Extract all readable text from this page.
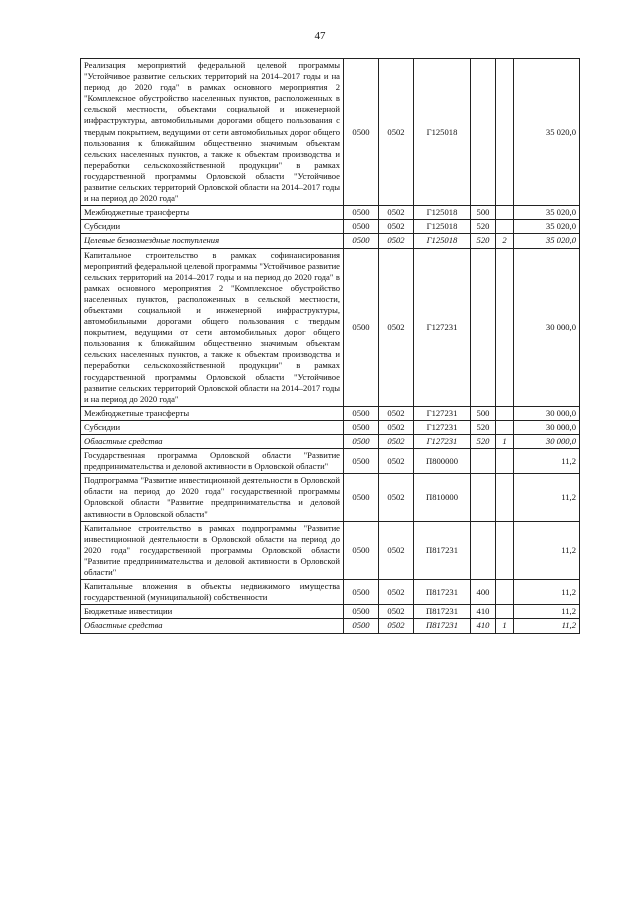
47
Реализация мероприятий федеральной целевой программы "Устойчивое развитие сельских территорий на 2014–2017 годы и на период до 2020 года" в рамках основного мероприятия 2 "Комплексное обустройство населенных пунктов, расположенных в сельской местности, объектами социальной и инженерной инфраструктуры, автомобильными дорогами общего пользования с твердым покрытием, ведущими от сети автомобильных дорог общего пользования к ближайшим общественно значимым объектам сельских населенных пунктов, а также к объектам производства и переработки сельскохозяйственной продукции" в рамках государственной программы Орловской области "Устойчивое развитие сельских территорий Орловской области на 2014–2017 годы и на период до 2020 года"	0500	0502	Г125018			35 020,0
Межбюджетные трансферты	0500	0502	Г125018	500		35 020,0
Субсидии	0500	0502	Г125018	520		35 020,0
Целевые безвозмездные поступления	0500	0502	Г125018	520	2	35 020,0
Капитальное строительство в рамках софинансирования мероприятий федеральной целевой программы "Устойчивое развитие сельских территорий на 2014–2017 годы и на период до 2020 года" в рамках основного мероприятия 2 "Комплексное обустройство населенных пунктов, расположенных в сельской местности, объектами социальной и инженерной инфраструктуры, автомобильными дорогами общего пользования с твердым покрытием, ведущими от сети автомобильных дорог общего пользования к ближайшим общественно значимым объектам сельских населенных пунктов, а также к объектам производства и переработки сельскохозяйственной продукции" в рамках государственной программы Орловской области "Устойчивое развитие сельских территорий Орловской области на 2014–2017 годы и на период до 2020 года"	0500	0502	Г127231			30 000,0
Межбюджетные трансферты	0500	0502	Г127231	500		30 000,0
Субсидии	0500	0502	Г127231	520		30 000,0
Областные средства	0500	0502	Г127231	520	1	30 000,0
Государственная программа Орловской области "Развитие предпринимательства и деловой активности в Орловской области"	0500	0502	П800000			11,2
Подпрограмма "Развитие инвестиционной деятельности в Орловской области на период до 2020 года" государственной программы Орловской области "Развитие предпринимательства и деловой активности в Орловской области"	0500	0502	П810000			11,2
Капитальное строительство в рамках подпрограммы "Развитие инвестиционной деятельности в Орловской области на период до 2020 года" государственной программы Орловской области "Развитие предпринимательства и деловой активности в Орловской области"	0500	0502	П817231			11,2
Капитальные вложения в объекты недвижимого имущества государственной (муниципальной) собственности	0500	0502	П817231	400		11,2
Бюджетные инвестиции	0500	0502	П817231	410		11,2
Областные средства	0500	0502	П817231	410	1	11,2
